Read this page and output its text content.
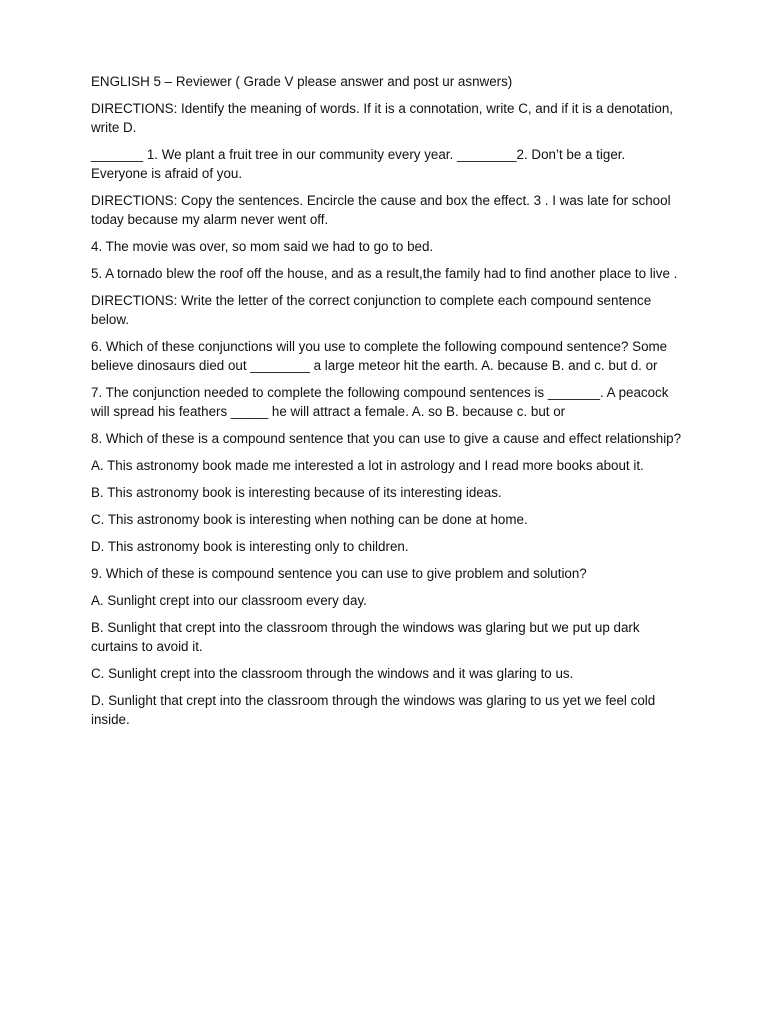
ENGLISH 5 – Reviewer ( Grade V please answer and post ur asnwers)

DIRECTIONS: Identify the meaning of words. If it is a connotation, write C, and if it is a denotation, write D.

_______ 1. We plant a fruit tree in our community every year. ________2. Don’t be a tiger. Everyone is afraid of you.

DIRECTIONS: Copy the sentences. Encircle the cause and box the effect. 3 . I was late for school today because my alarm never went off.

4. The movie was over, so mom said we had to go to bed.

5. A tornado blew the roof off the house, and as a result,the family had to find another place to live .

DIRECTIONS: Write the letter of the correct conjunction to complete each compound sentence below.

6. Which of these conjunctions will you use to complete the following compound sentence? Some believe dinosaurs died out ________ a large meteor hit the earth. A. because B. and c. but d. or

7. The conjunction needed to complete the following compound sentences is _______. A peacock will spread his feathers _____ he will attract a female. A. so B. because c. but or

8. Which of these is a compound sentence that you can use to give a cause and effect relationship?

A. This astronomy book made me interested a lot in astrology and I read more books about it.

B. This astronomy book is interesting because of its interesting ideas.

C. This astronomy book is interesting when nothing can be done at home.

D. This astronomy book is interesting only to children.

9. Which of these is compound sentence you can use to give problem and solution?

A. Sunlight crept into our classroom every day.

B. Sunlight that crept into the classroom through the windows was glaring but we put up dark curtains to avoid it.

C. Sunlight crept into the classroom through the windows and it was glaring to us.

D. Sunlight that crept into the classroom through the windows was glaring to us yet we feel cold inside.
